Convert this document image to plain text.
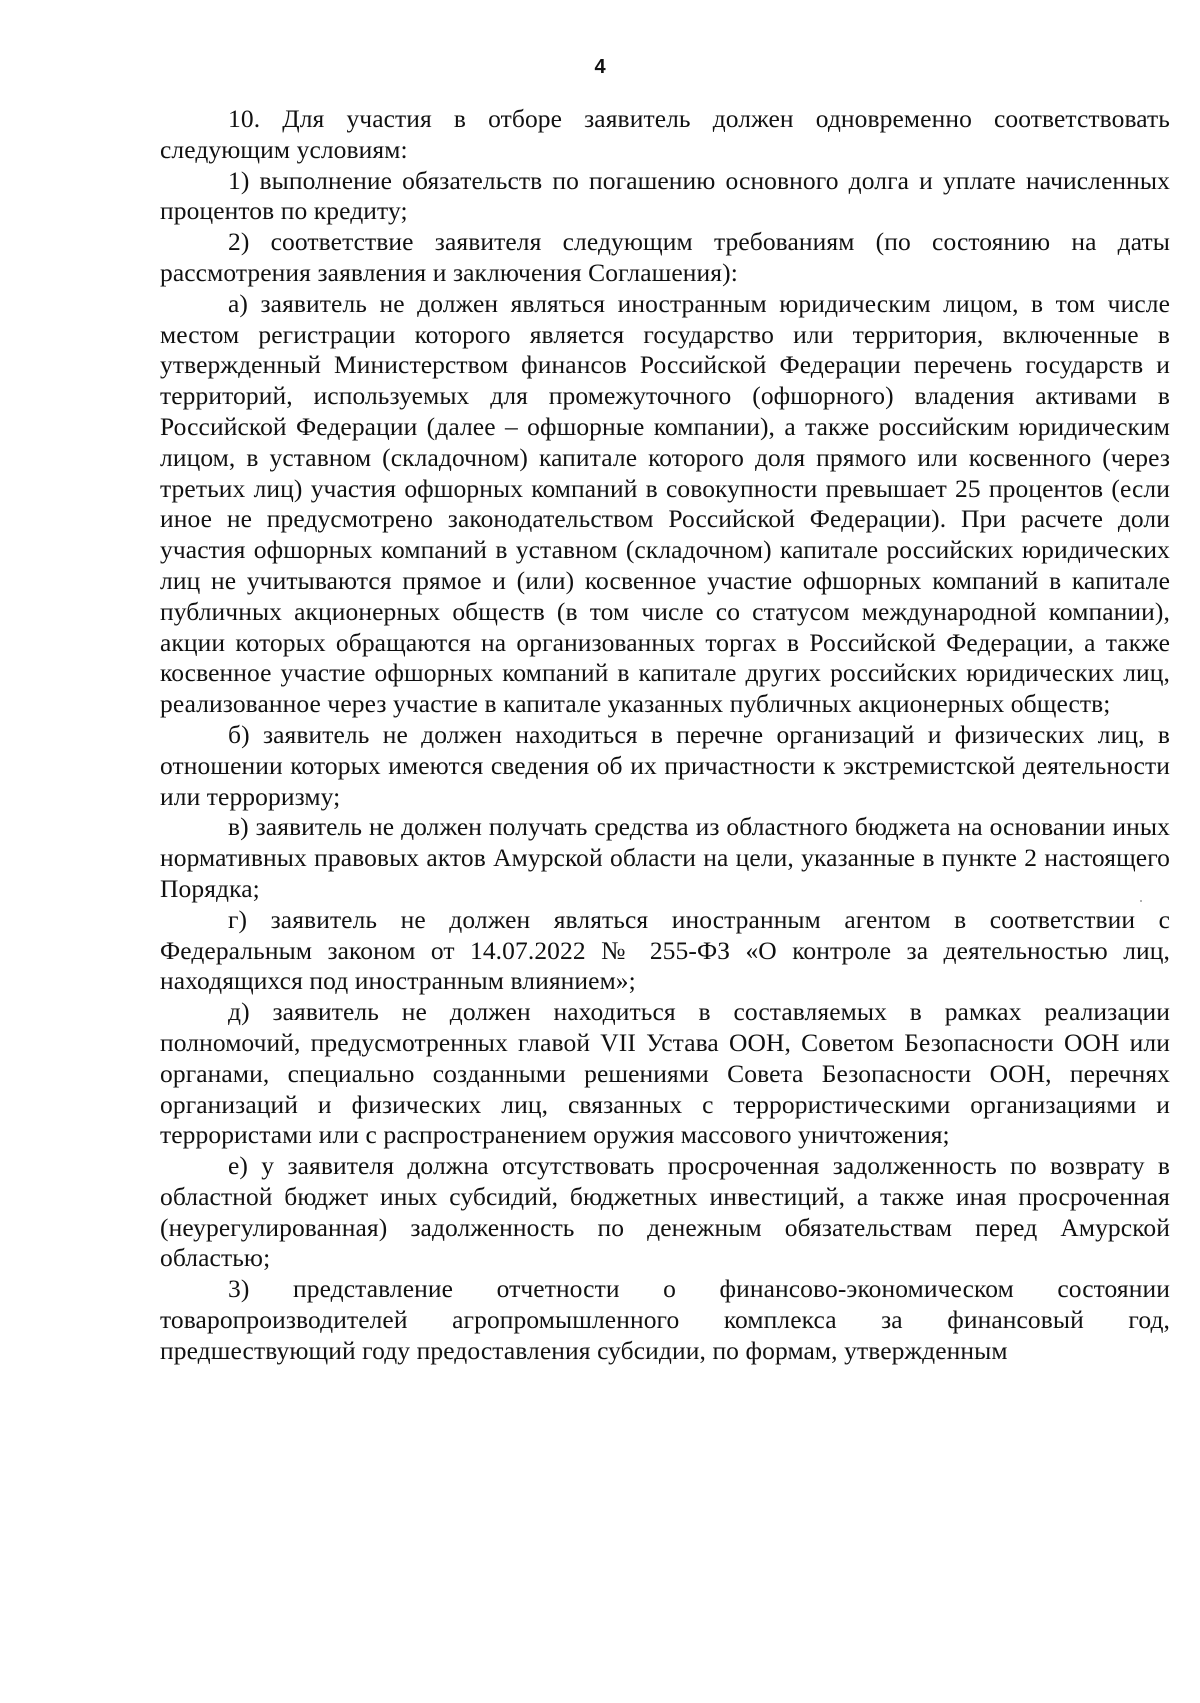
4

10. Для участия в отборе заявитель должен одновременно соответствовать следующим условиям:

1) выполнение обязательств по погашению основного долга и уплате начисленных процентов по кредиту;

2) соответствие заявителя следующим требованиям (по состоянию на даты рассмотрения заявления и заключения Соглашения):

а) заявитель не должен являться иностранным юридическим лицом, в том числе местом регистрации которого является государство или территория, включенные в утвержденный Министерством финансов Российской Федерации перечень государств и территорий, используемых для промежуточного (офшорного) владения активами в Российской Федерации (далее – офшорные компании), а также российским юридическим лицом, в уставном (складочном) капитале которого доля прямого или косвенного (через третьих лиц) участия офшорных компаний в совокупности превышает 25 процентов (если иное не предусмотрено законодательством Российской Федерации). При расчете доли участия офшорных компаний в уставном (складочном) капитале российских юридических лиц не учитываются прямое и (или) косвенное участие офшорных компаний в капитале публичных акционерных обществ (в том числе со статусом международной компании), акции которых обращаются на организованных торгах в Российской Федерации, а также косвенное участие офшорных компаний в капитале других российских юридических лиц, реализованное через участие в капитале указанных публичных акционерных обществ;

б) заявитель не должен находиться в перечне организаций и физических лиц, в отношении которых имеются сведения об их причастности к экстремистской деятельности или терроризму;

в) заявитель не должен получать средства из областного бюджета на основании иных нормативных правовых актов Амурской области на цели, указанные в пункте 2 настоящего Порядка;

г) заявитель не должен являться иностранным агентом в соответствии с Федеральным законом от 14.07.2022 № 255-ФЗ «О контроле за деятельностью лиц, находящихся под иностранным влиянием»;

д) заявитель не должен находиться в составляемых в рамках реализации полномочий, предусмотренных главой VII Устава ООН, Советом Безопасности ООН или органами, специально созданными решениями Совета Безопасности ООН, перечнях организаций и физических лиц, связанных с террористическими организациями и террористами или с распространением оружия массового уничтожения;

е) у заявителя должна отсутствовать просроченная задолженность по возврату в областной бюджет иных субсидий, бюджетных инвестиций, а также иная просроченная (неурегулированная) задолженность по денежным обязательствам перед Амурской областью;

3) представление отчетности о финансово-экономическом состоянии товаропроизводителей агропромышленного комплекса за финансовый год, предшествующий году предоставления субсидии, по формам, утвержденным
